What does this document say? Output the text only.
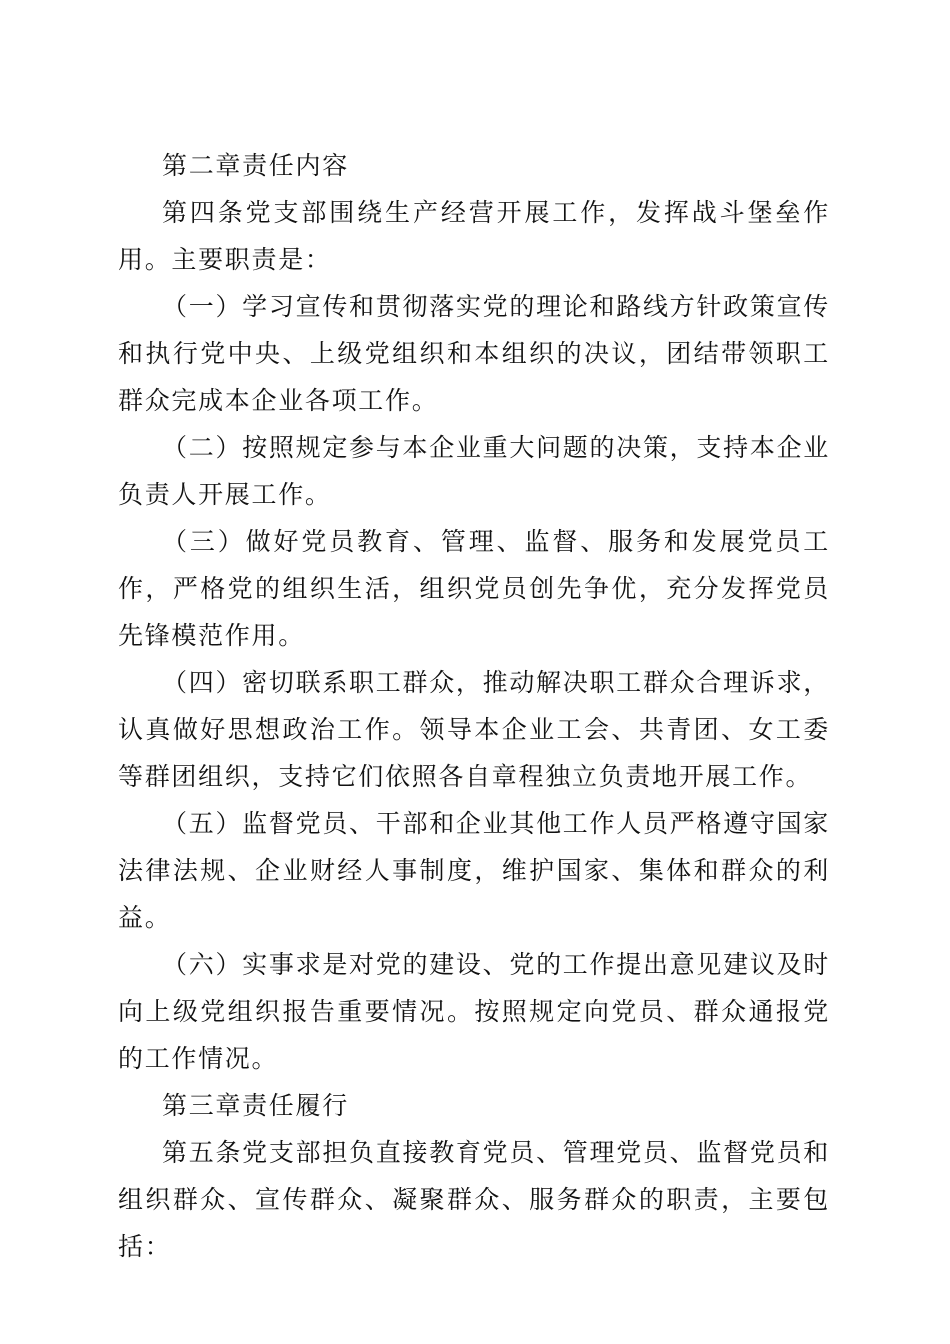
第二章责任内容

第四条党支部围绕生产经营开展工作，发挥战斗堡垒作用。主要职责是：

（一）学习宣传和贯彻落实党的理论和路线方针政策宣传和执行党中央、上级党组织和本组织的决议，团结带领职工群众完成本企业各项工作。

（二）按照规定参与本企业重大问题的决策，支持本企业负责人开展工作。

（三）做好党员教育、管理、监督、服务和发展党员工作，严格党的组织生活，组织党员创先争优，充分发挥党员先锋模范作用。

（四）密切联系职工群众，推动解决职工群众合理诉求，认真做好思想政治工作。领导本企业工会、共青团、女工委等群团组织，支持它们依照各自章程独立负责地开展工作。

（五）监督党员、干部和企业其他工作人员严格遵守国家法律法规、企业财经人事制度，维护国家、集体和群众的利益。

（六）实事求是对党的建设、党的工作提出意见建议及时向上级党组织报告重要情况。按照规定向党员、群众通报党的工作情况。

第三章责任履行

第五条党支部担负直接教育党员、管理党员、监督党员和组织群众、宣传群众、凝聚群众、服务群众的职责，主要包括：
